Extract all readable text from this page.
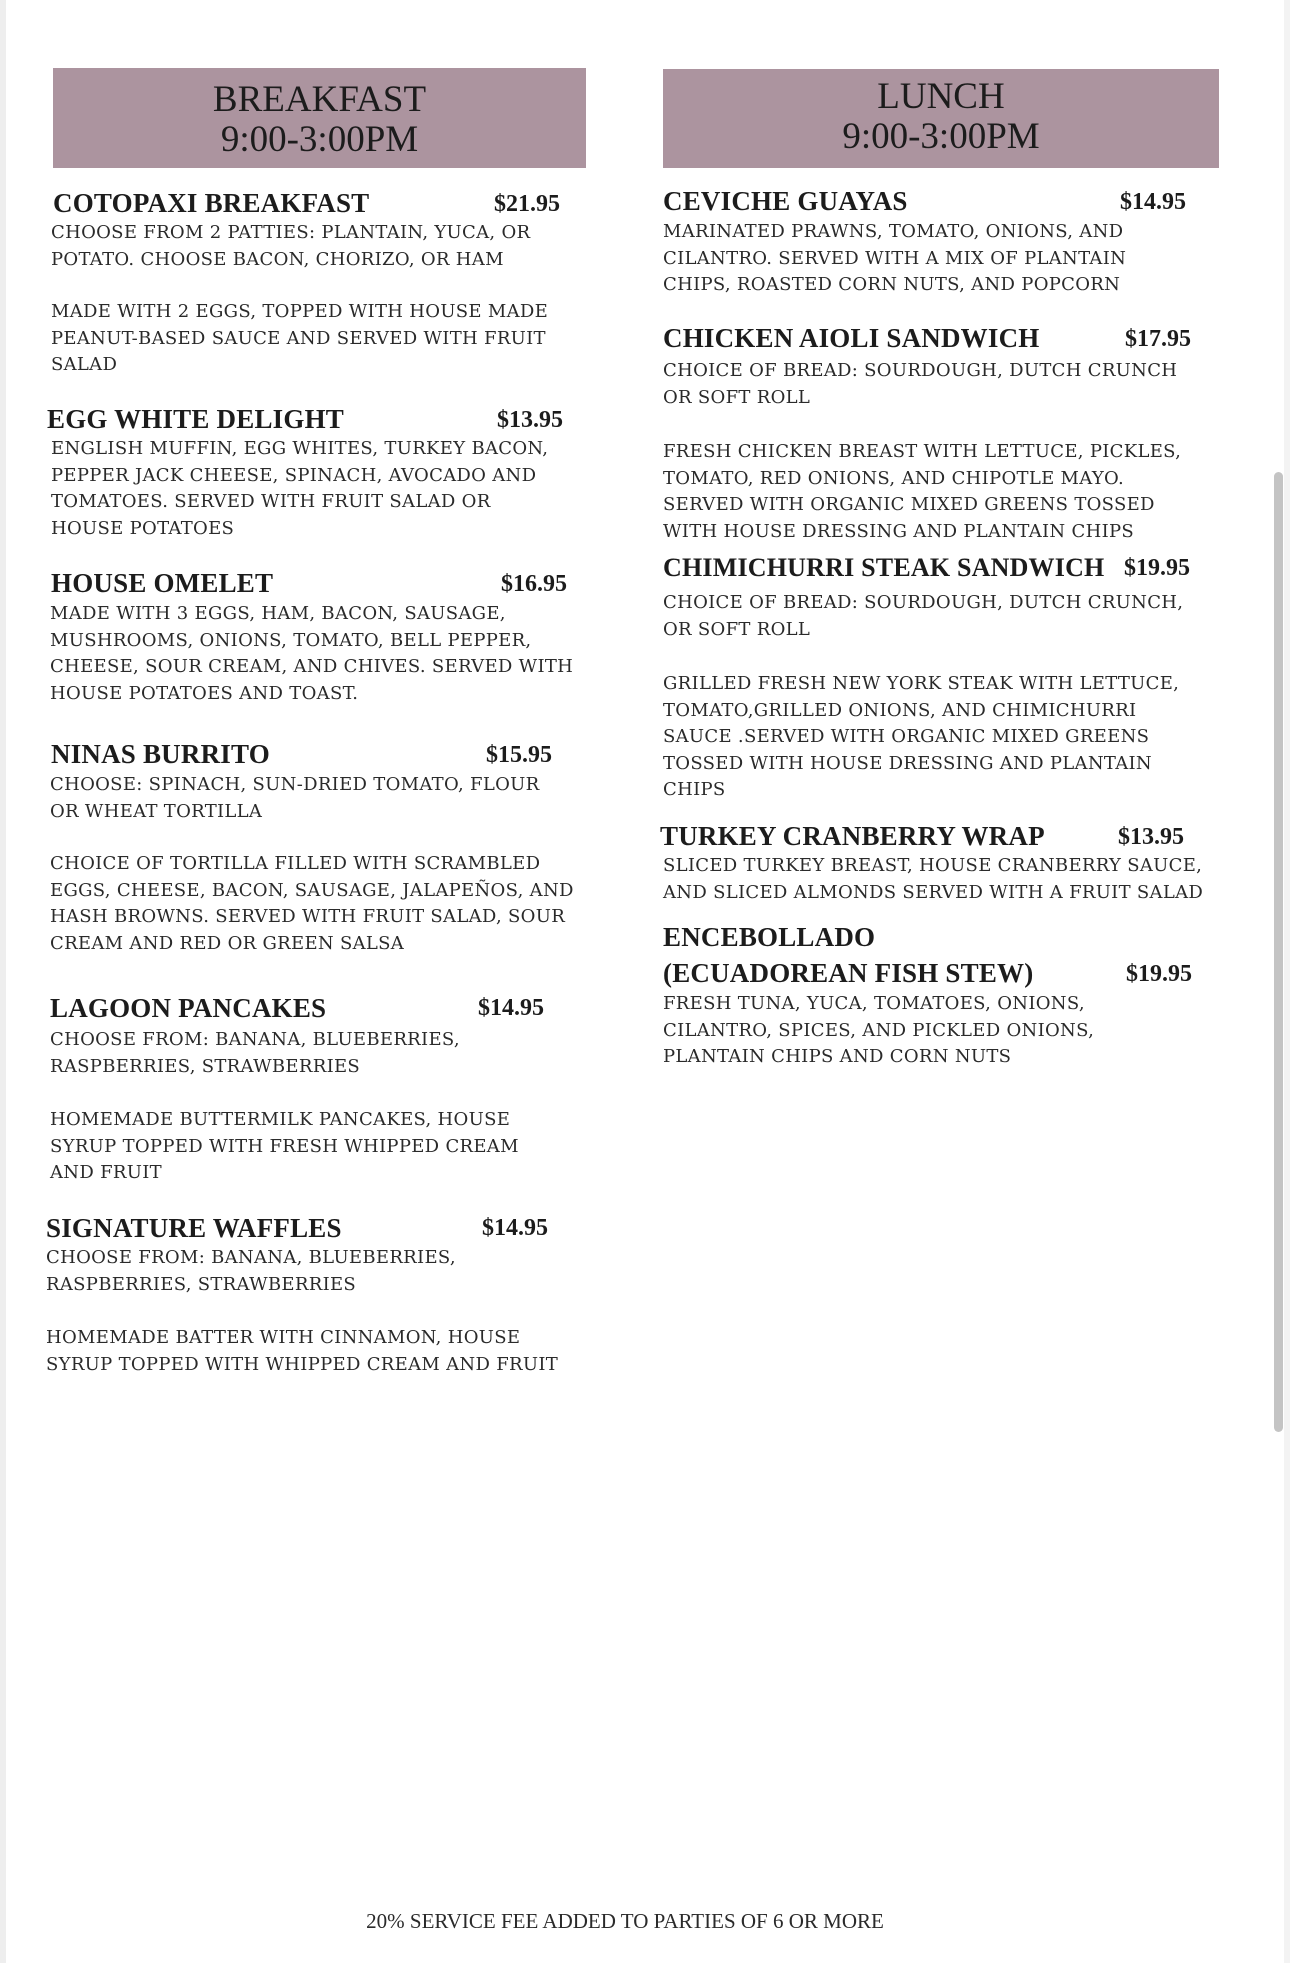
BREAKFAST
9:00-3:00PM
LUNCH
9:00-3:00PM
COTOPAXI BREAKFAST	$21.95
CHOOSE FROM 2 PATTIES: PLANTAIN, YUCA, OR
POTATO. CHOOSE BACON, CHORIZO, OR HAM
MADE WITH 2 EGGS, TOPPED WITH HOUSE MADE
PEANUT-BASED SAUCE AND SERVED WITH FRUIT
SALAD
EGG WHITE DELIGHT	$13.95
ENGLISH MUFFIN, EGG WHITES, TURKEY BACON,
PEPPER JACK CHEESE, SPINACH, AVOCADO AND
TOMATOES. SERVED WITH FRUIT SALAD OR
HOUSE POTATOES
HOUSE OMELET	$16.95
MADE WITH 3 EGGS, HAM, BACON, SAUSAGE,
MUSHROOMS, ONIONS, TOMATO, BELL PEPPER,
CHEESE, SOUR CREAM, AND CHIVES. SERVED WITH
HOUSE POTATOES AND TOAST.
NINAS BURRITO	$15.95
CHOOSE: SPINACH, SUN-DRIED TOMATO, FLOUR
OR WHEAT TORTILLA
CHOICE OF TORTILLA FILLED WITH SCRAMBLED
EGGS, CHEESE, BACON, SAUSAGE, JALAPEÑOS, AND
HASH BROWNS. SERVED WITH FRUIT SALAD, SOUR
CREAM AND RED OR GREEN SALSA
LAGOON PANCAKES	$14.95
CHOOSE FROM: BANANA, BLUEBERRIES,
RASPBERRIES, STRAWBERRIES
HOMEMADE BUTTERMILK PANCAKES, HOUSE
SYRUP TOPPED WITH FRESH WHIPPED CREAM
AND FRUIT
SIGNATURE WAFFLES	$14.95
CHOOSE FROM: BANANA, BLUEBERRIES,
RASPBERRIES, STRAWBERRIES
HOMEMADE BATTER WITH CINNAMON, HOUSE
SYRUP TOPPED WITH WHIPPED CREAM AND FRUIT
CEVICHE GUAYAS	$14.95
MARINATED PRAWNS, TOMATO, ONIONS, AND
CILANTRO. SERVED WITH A MIX OF PLANTAIN
CHIPS, ROASTED CORN NUTS, AND POPCORN
CHICKEN AIOLI SANDWICH	$17.95
CHOICE OF BREAD: SOURDOUGH, DUTCH CRUNCH
OR SOFT ROLL
FRESH CHICKEN BREAST WITH LETTUCE, PICKLES,
TOMATO, RED ONIONS, AND CHIPOTLE MAYO.
SERVED WITH ORGANIC MIXED GREENS TOSSED
WITH HOUSE DRESSING AND PLANTAIN CHIPS
CHIMICHURRI STEAK SANDWICH $19.95
CHOICE OF BREAD: SOURDOUGH, DUTCH CRUNCH,
OR SOFT ROLL
GRILLED FRESH NEW YORK STEAK WITH LETTUCE,
TOMATO,GRILLED ONIONS, AND CHIMICHURRI
SAUCE .SERVED WITH ORGANIC MIXED GREENS
TOSSED WITH HOUSE DRESSING AND PLANTAIN
CHIPS
TURKEY CRANBERRY WRAP	$13.95
SLICED TURKEY BREAST, HOUSE CRANBERRY SAUCE,
AND SLICED ALMONDS SERVED WITH A FRUIT SALAD
ENCEBOLLADO
(ECUADOREAN FISH STEW)	$19.95
FRESH TUNA, YUCA, TOMATOES, ONIONS,
CILANTRO, SPICES, AND PICKLED ONIONS,
PLANTAIN CHIPS AND CORN NUTS
20% SERVICE FEE ADDED TO PARTIES OF 6 OR MORE
